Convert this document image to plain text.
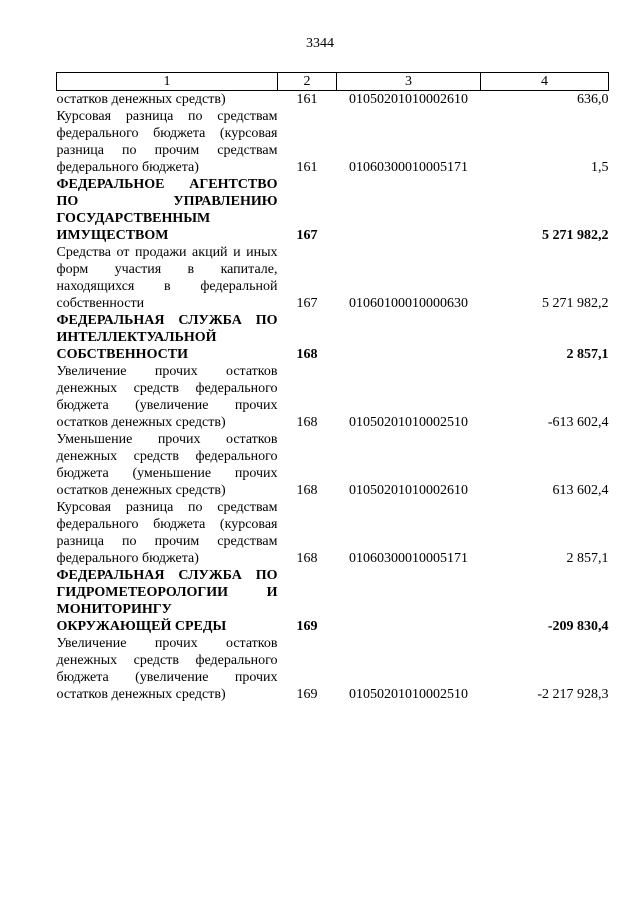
3344
1	2	3	4
остатков денежных средств)	161	01050201010002610	636,0
Курсовая разница по средствам федерального бюджета (курсовая разница по прочим средствам федерального бюджета)	161	01060300010005171	1,5
ФЕДЕРАЛЬНОЕ АГЕНТСТВО ПО УПРАВЛЕНИЮ ГОСУДАРСТВЕННЫМ ИМУЩЕСТВОМ	167		5 271 982,2
Средства от продажи акций и иных форм участия в капитале, находящихся в федеральной собственности	167	01060100010000630	5 271 982,2
ФЕДЕРАЛЬНАЯ СЛУЖБА ПО ИНТЕЛЛЕКТУАЛЬНОЙ СОБСТВЕННОСТИ	168		2 857,1
Увеличение прочих остатков денежных средств федерального бюджета (увеличение прочих остатков денежных средств)	168	01050201010002510	-613 602,4
Уменьшение прочих остатков денежных средств федерального бюджета (уменьшение прочих остатков денежных средств)	168	01050201010002610	613 602,4
Курсовая разница по средствам федерального бюджета (курсовая разница по прочим средствам федерального бюджета)	168	01060300010005171	2 857,1
ФЕДЕРАЛЬНАЯ СЛУЖБА ПО ГИДРОМЕТЕОРОЛОГИИ И МОНИТОРИНГУ ОКРУЖАЮЩЕЙ СРЕДЫ	169		-209 830,4
Увеличение прочих остатков денежных средств федерального бюджета (увеличение прочих остатков денежных средств)	169	01050201010002510	-2 217 928,3
